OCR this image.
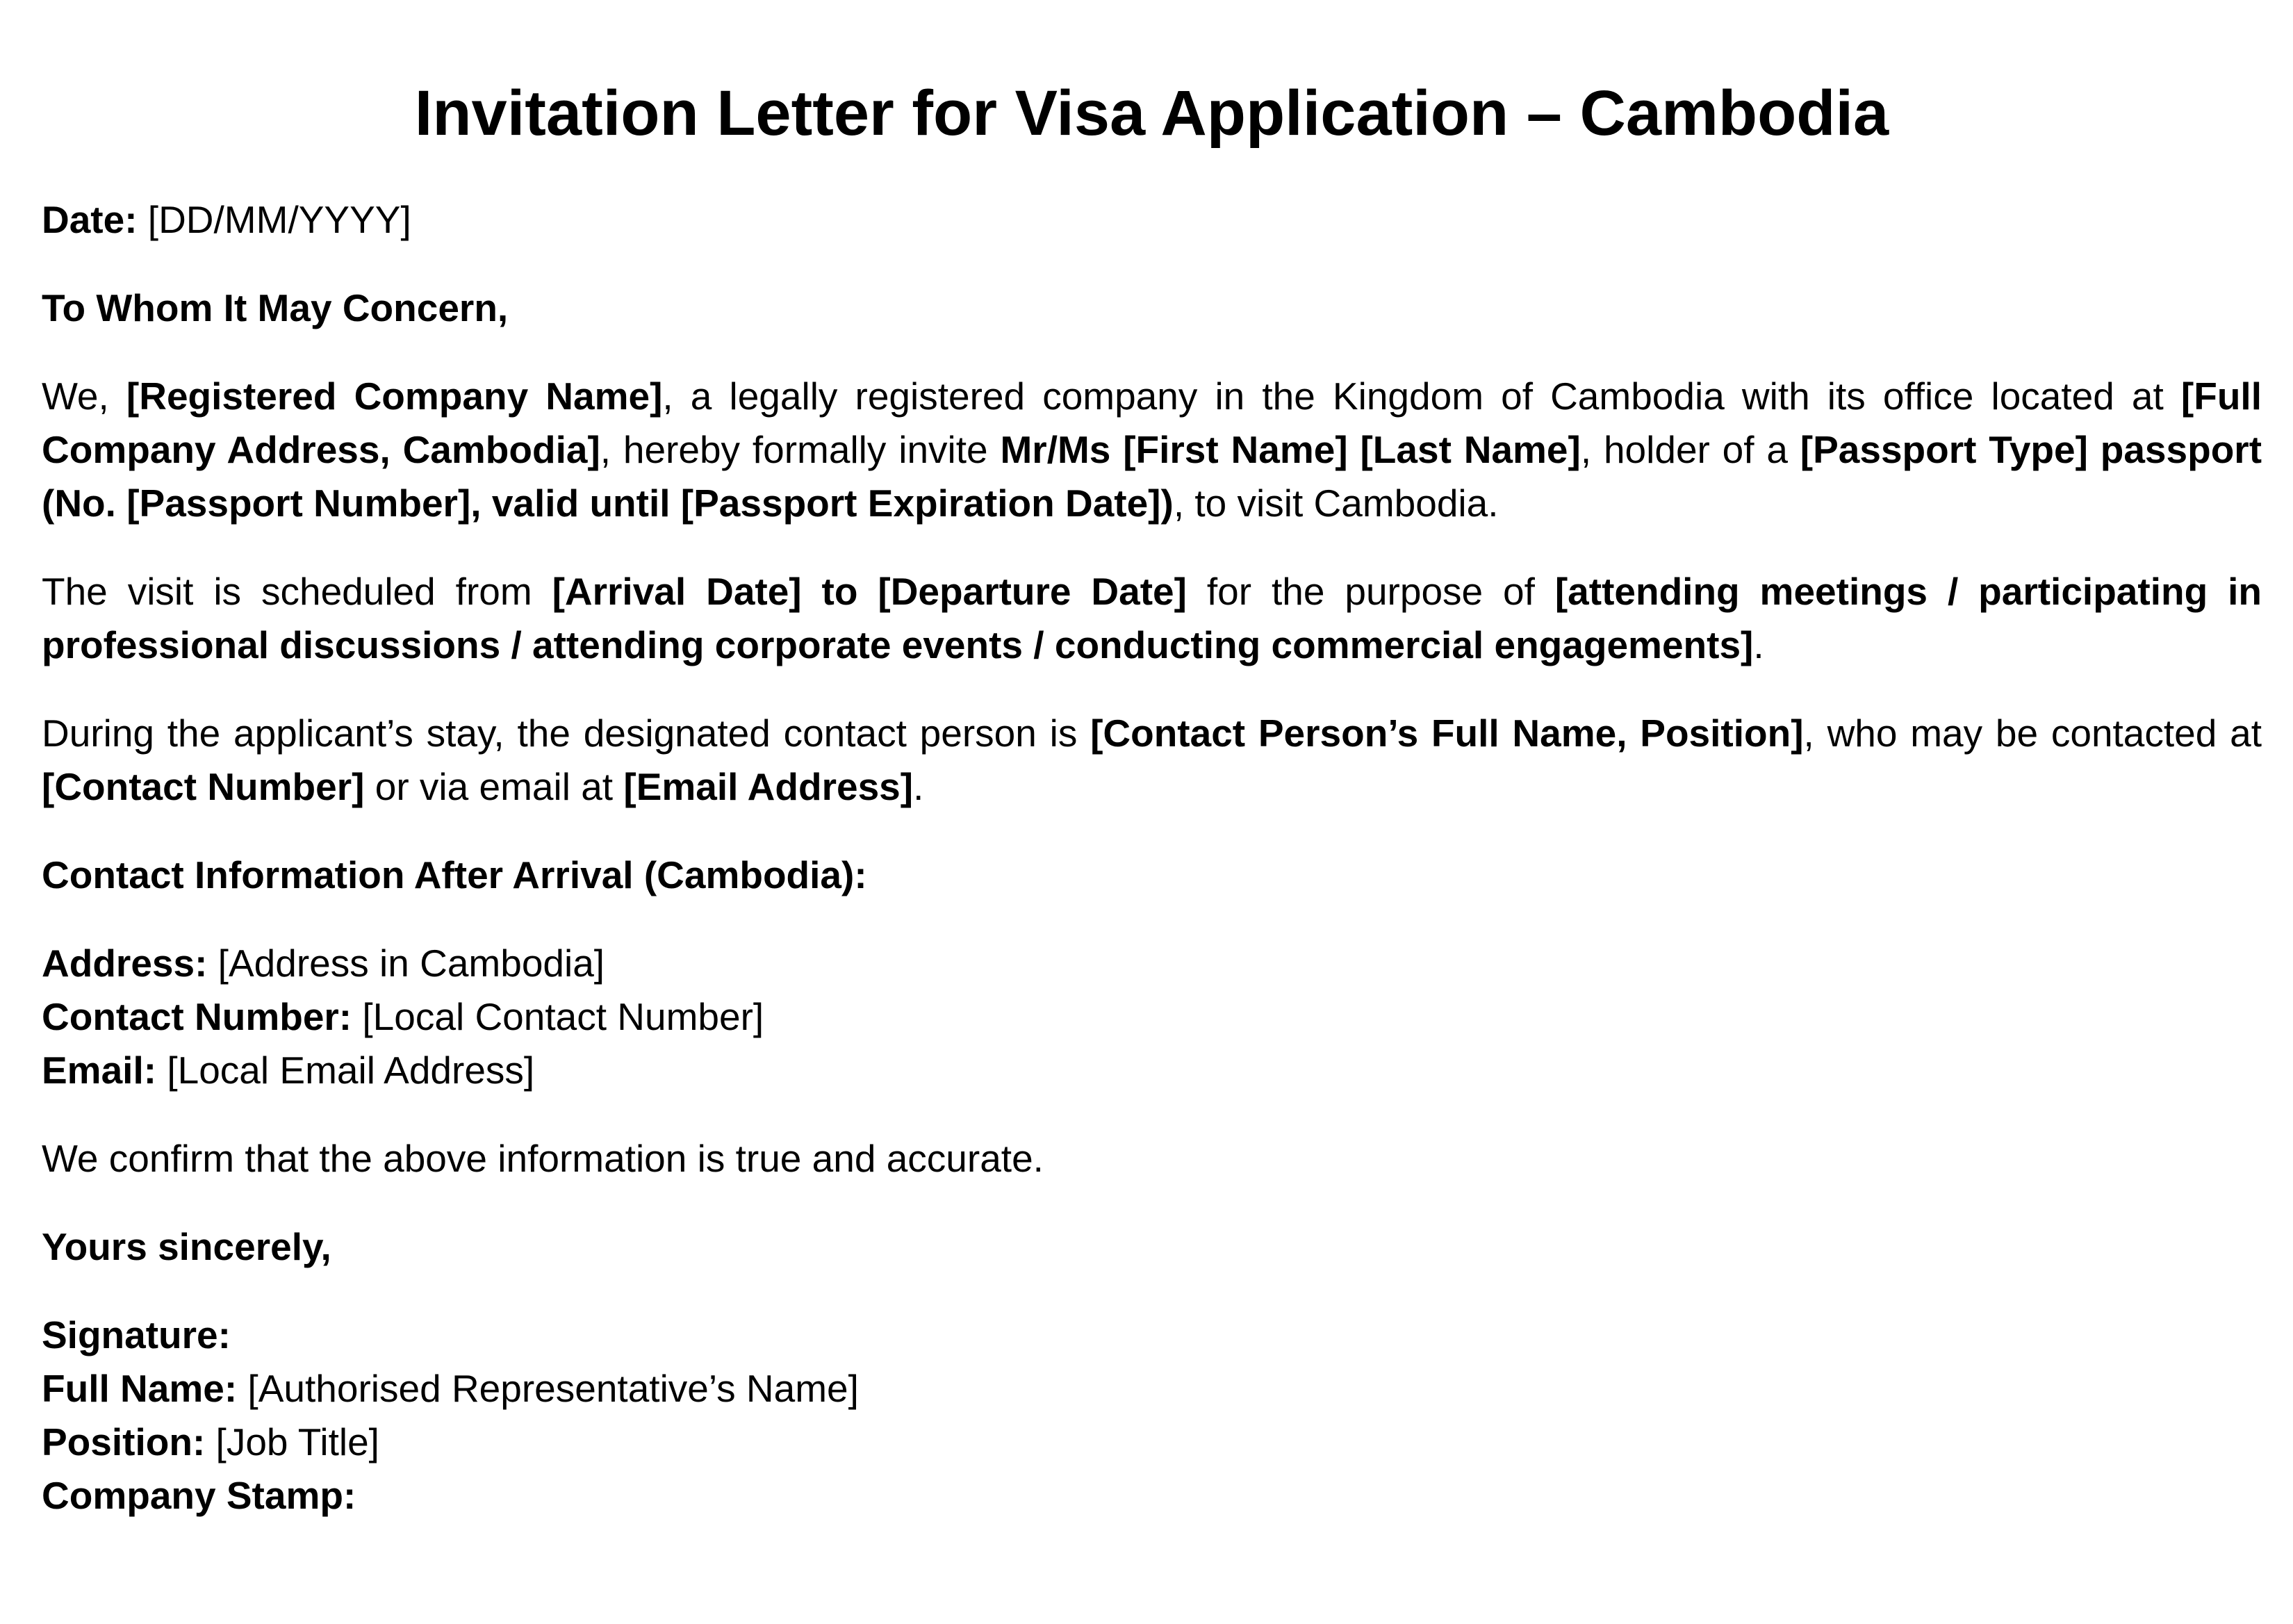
Invitation Letter for Visa Application – Cambodia

Date: [DD/MM/YYYY]

To Whom It May Concern,

We, [Registered Company Name], a legally registered company in the Kingdom of Cambodia with its office located at [Full Company Address, Cambodia], hereby formally invite Mr/Ms [First Name] [Last Name], holder of a [Passport Type] passport (No. [Passport Number], valid until [Passport Expiration Date]), to visit Cambodia.

The visit is scheduled from [Arrival Date] to [Departure Date] for the purpose of [attending meetings / participating in professional discussions / attending corporate events / conducting commercial engagements].

During the applicant’s stay, the designated contact person is [Contact Person’s Full Name, Position], who may be contacted at [Contact Number] or via email at [Email Address].

Contact Information After Arrival (Cambodia):

Address: [Address in Cambodia]
Contact Number: [Local Contact Number]
Email: [Local Email Address]

We confirm that the above information is true and accurate.

Yours sincerely,

Signature:
Full Name: [Authorised Representative’s Name]
Position: [Job Title]
Company Stamp:
